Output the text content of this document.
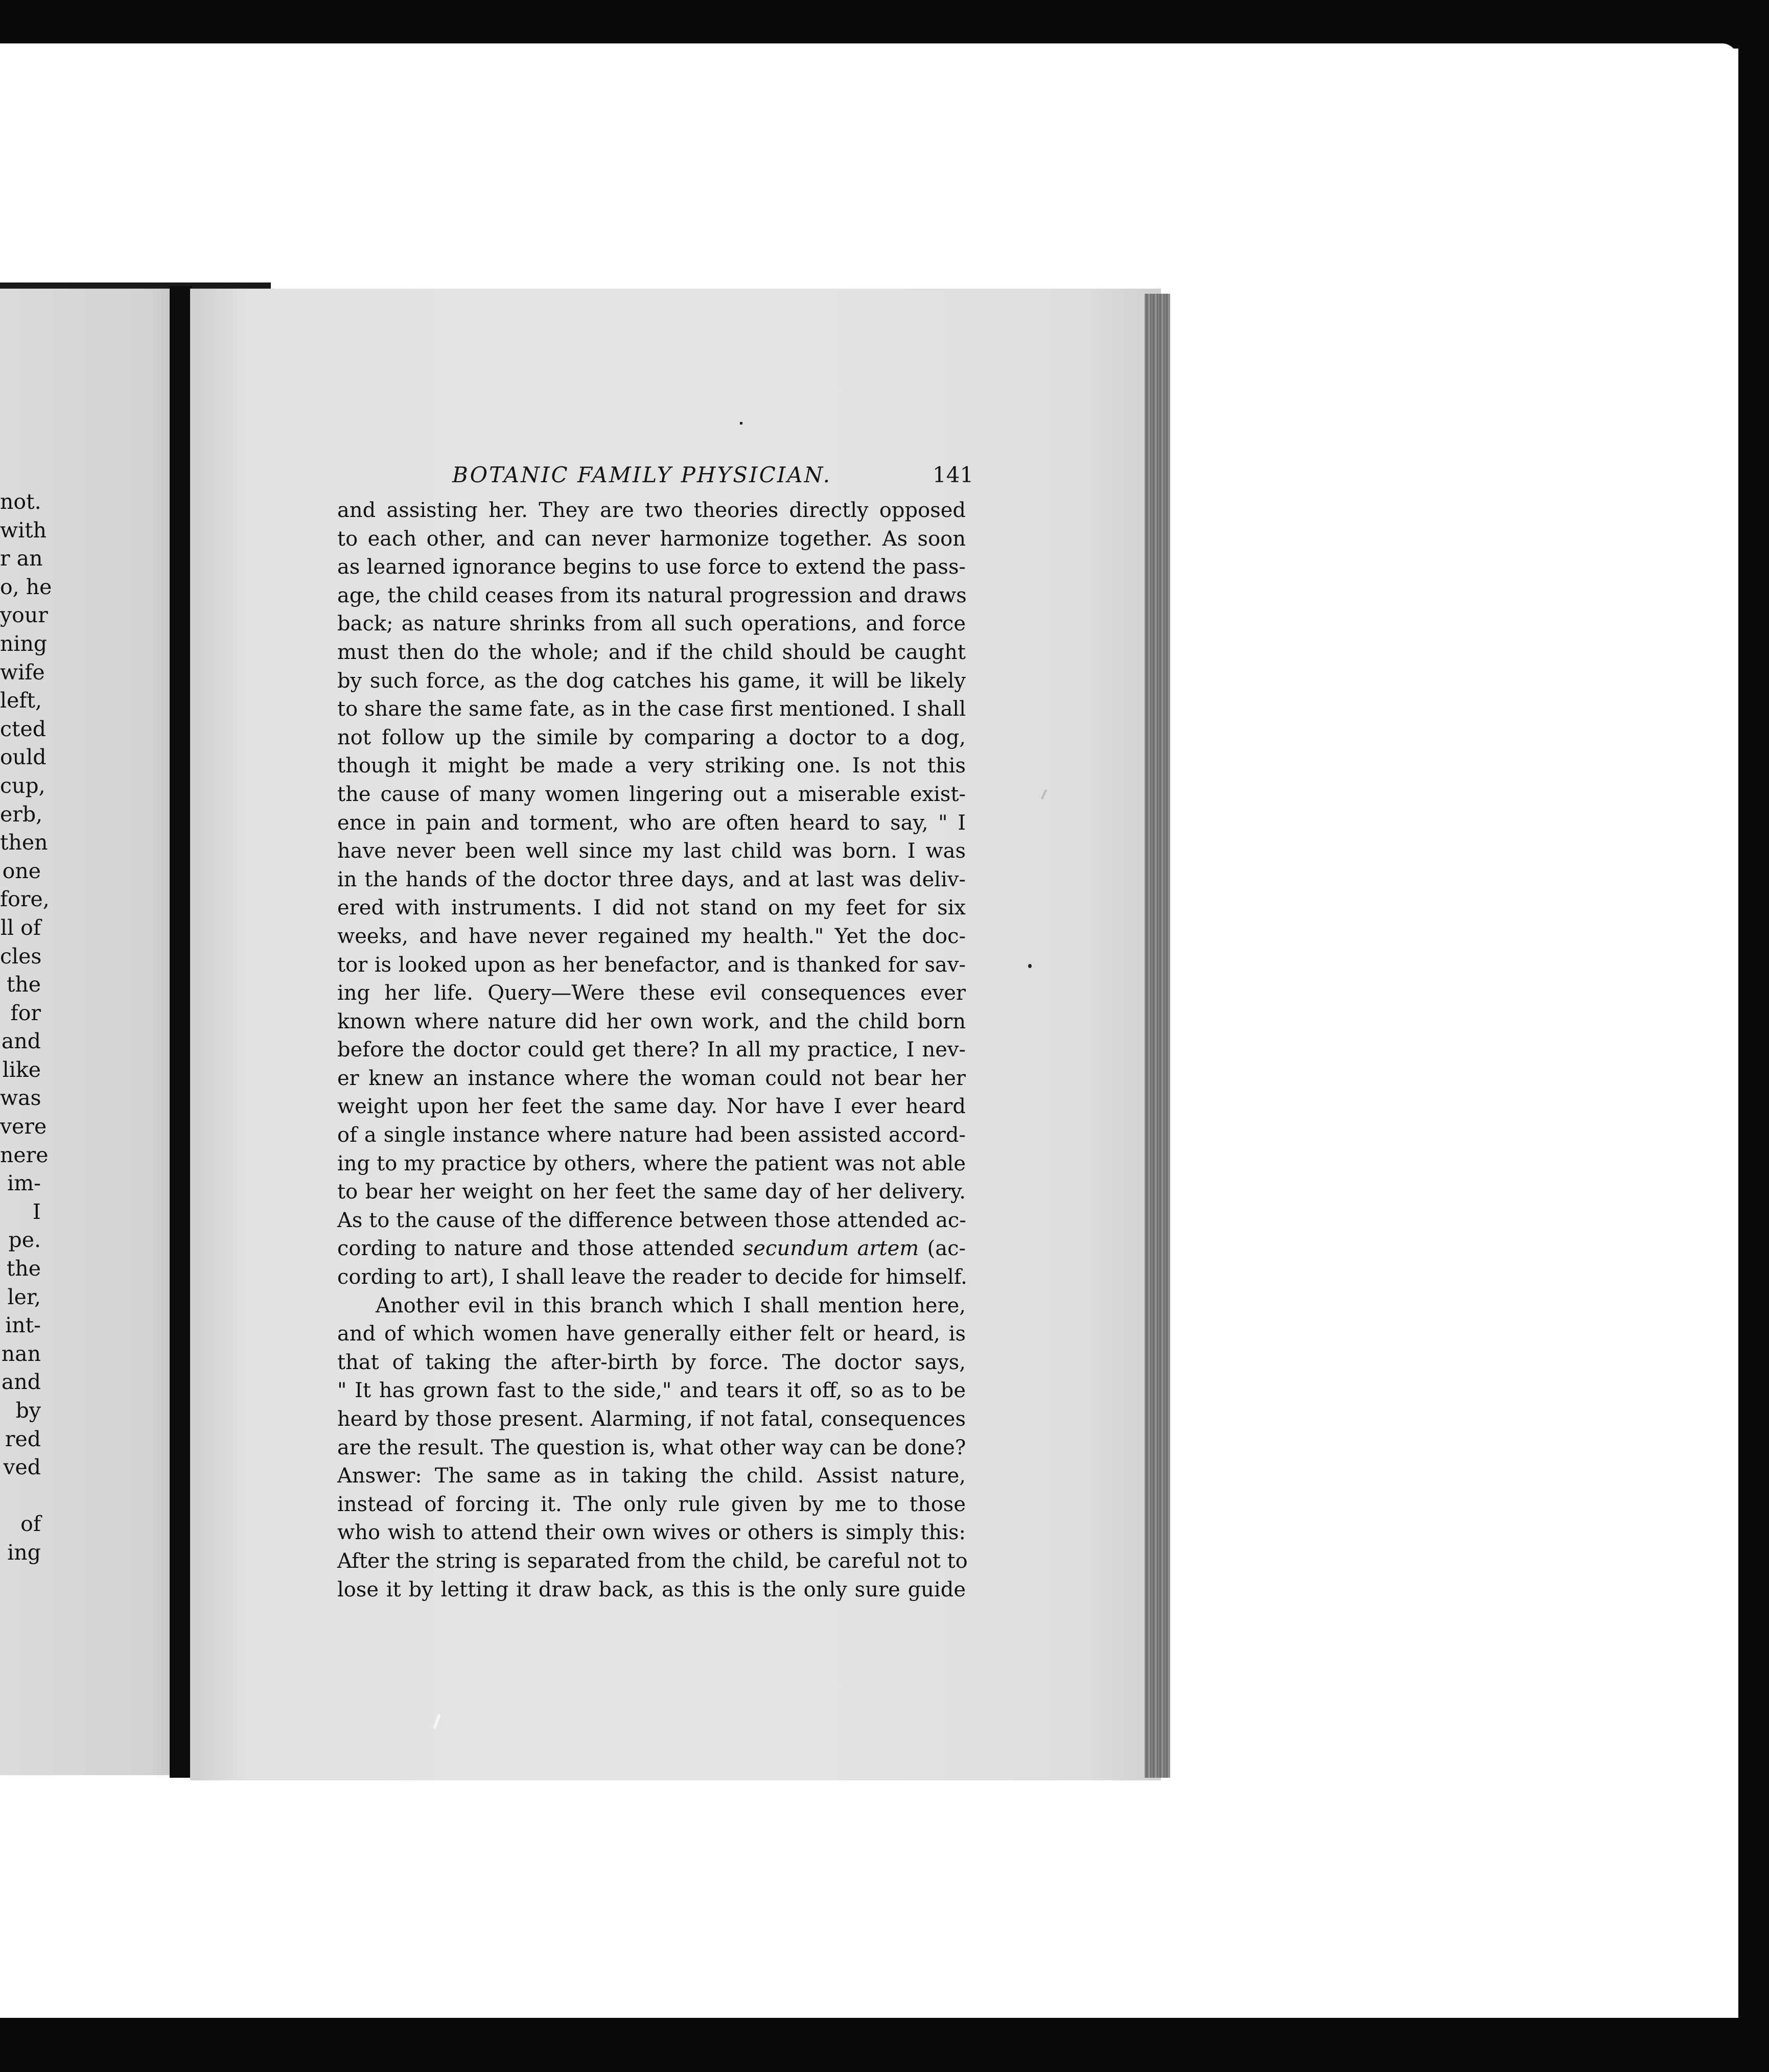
not.
with
r an
o, he
your
ning
wife
left,
cted
ould
cup,
erb,
then
one
fore,
ll of
cles
the
for
and
like
was
vere
nere
im-
I
pe.
the
ler,
int-
nan
and
by
red
ved
of
ing
BOTANIC FAMILY PHYSICIAN.	141
and assisting her. They are two theories directly opposed
to each other, and can never harmonize together. As soon
as learned ignorance begins to use force to extend the pass-
age, the child ceases from its natural progression and draws
back; as nature shrinks from all such operations, and force
must then do the whole; and if the child should be caught
by such force, as the dog catches his game, it will be likely
to share the same fate, as in the case first mentioned. I shall
not follow up the simile by comparing a doctor to a dog,
though it might be made a very striking one. Is not this
the cause of many women lingering out a miserable exist-
ence in pain and torment, who are often heard to say, " I
have never been well since my last child was born. I was
in the hands of the doctor three days, and at last was deliv-
ered with instruments. I did not stand on my feet for six
weeks, and have never regained my health." Yet the doc-
tor is looked upon as her benefactor, and is thanked for sav-
ing her life. Query—Were these evil consequences ever
known where nature did her own work, and the child born
before the doctor could get there? In all my practice, I nev-
er knew an instance where the woman could not bear her
weight upon her feet the same day. Nor have I ever heard
of a single instance where nature had been assisted accord-
ing to my practice by others, where the patient was not able
to bear her weight on her feet the same day of her delivery.
As to the cause of the difference between those attended ac-
cording to nature and those attended secundum artem (ac-
cording to art), I shall leave the reader to decide for himself.
Another evil in this branch which I shall mention here,
and of which women have generally either felt or heard, is
that of taking the after-birth by force. The doctor says,
" It has grown fast to the side," and tears it off, so as to be
heard by those present. Alarming, if not fatal, consequences
are the result. The question is, what other way can be done?
Answer: The same as in taking the child. Assist nature,
instead of forcing it. The only rule given by me to those
who wish to attend their own wives or others is simply this:
After the string is separated from the child, be careful not to
lose it by letting it draw back, as this is the only sure guide
